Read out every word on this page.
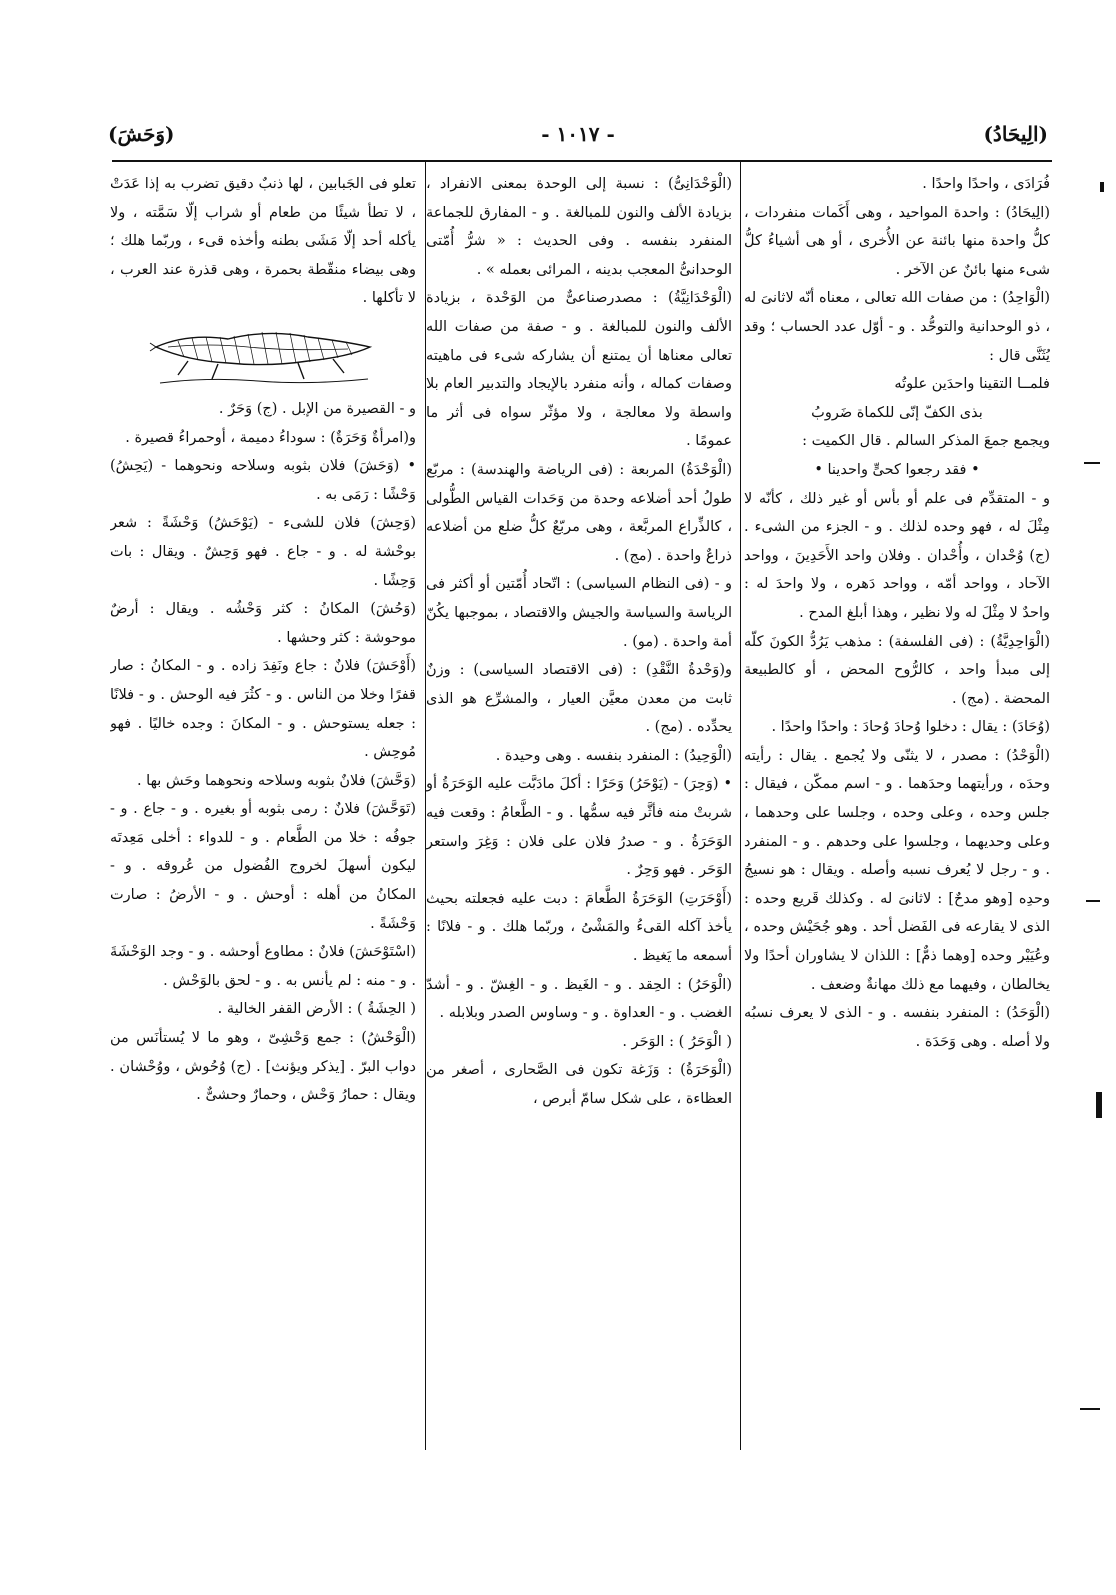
(الِيحَادُ)
- ١٠١٧ -
(وَحَشَ)

فُرَادَى ، واحدًا واحدًا .

(الِيحَادُ) : واحدة المواحيد ، وهى أَكَمات منفردات ، كلُّ واحدة منها بائنة عن الأُخرى ، أو هى أشياءُ كلُّ شىء منها بائنٌ عن الآخر .

(الْوَاحِدُ) : من صفات الله تعالى ، معناه أنّه لاثانىَ له ، ذو الوحدانية والتوحُّد . و - أوّل عدد الحساب ؛ وقد يُثَنَّى قال :

فلمــا التقينا واحدَين علوتُه

بذى الكفّ إنّى للكماة ضَروبُ

ويجمع جمعَ المذكر السالم . قال الكميت :

• فقد رجعوا كحىٍّ واحدينا •

و - المتقدِّم فى علم أو بأس أو غير ذلك ، كأنّه لا مِثْلَ له ، فهو وحده لذلك . و - الجزء من الشىء . (ج) وُحْدان ، وأُحْدان . وفلان واحد الأَحَدِينَ ، وواحد الآحاد ، وواحد أمّه ، وواحد دَهره ، ولا واحدَ له : واحدٌ لا مِثْلَ له ولا نظير ، وهذا أبلغ المدح .

(الْوَاحِدِيَّةُ) : (فى الفلسفة) : مذهب يَرُدُّ الكونَ كلّه إلى مبدأ واحد ، كالرُّوح المحض ، أو كالطبيعة المحضة . (مج) .

(وُحَادَ) : يقال : دخلوا وُحادَ وُحادَ : واحدًا واحدًا .

(الْوَحْدُ) : مصدر ، لا يثنّى ولا يُجمع . يقال : رأيته وحدَه ، ورأيتهما وحدَهما . و - اسم ممكّن ، فيقال : جلس وحده ، وعلى وحده ، وجلسا على وحدهما ، وعلى وحديهما ، وجلسوا على وحدهم . و - المنفرد . و - رجل لا يُعرف نسبه وأصله . ويقال : هو نسيجُ وحدِه [وهو مدحٌ] : لاثانىَ له . وكذلك قَريع وحده : الذى لا يقارعه فى الفَضل أحد . وهو جُحَيْش وحده ، وعُيَيْر وحده [وهما ذمٌّ] : اللذان لا يشاوران أحدًا ولا يخالطان ، وفيهما مع ذلك مهانةٌ وضعف .

(الْوَحَدُ) : المنفرد بنفسه . و - الذى لا يعرف نسبُه ولا أصله . وهى وَحَدَة .

(الْوَحْدَانِىُّ) : نسبة إلى الوحدة بمعنى الانفراد ، بزيادة الألف والنون للمبالغة . و - المفارق للجماعة المنفرد بنفسه . وفى الحديث : « شرُّ أُمّتى الوحدانىُّ المعجب بدينه ، المرائى بعمله » .

(الْوَحْدَانِيَّةُ) : مصدرصناعىٌّ من الوَحْدة ، بزيادة الألف والنون للمبالغة . و - صفة من صفات الله تعالى معناها أن يمتنع أن يشاركه شىء فى ماهيته وصفات كماله ، وأنه منفرد بالإيجاد والتدبير العام بلا واسطة ولا معالجة ، ولا مؤثّر سواه فى أثر ما عمومًا .

(الْوَحْدَةُ) المربعة : (فى الرياضة والهندسة) : مربّع طولُ أحد أضلاعه وحدة من وَحَدات القياس الطُّولى ، كالذِّراع المربَّعة ، وهى مربّعٌ كلُّ ضلع من أضلاعه ذراعٌ واحدة . (مج) .

و - (فى النظام السياسى) : اتّحاد أُمّتين أو أكثر فى الرياسة والسياسة والجيش والاقتصاد ، بموجبها يكُنّ أمة واحدة . (مو) .

و(وَحْدةُ النَّقْدِ) : (فى الاقتصاد السياسى) : وزنٌ ثابت من معدن معيَّن العيار ، والمشرِّع هو الذى يحدِّده . (مج) .

(الْوَحِيدُ) : المنفرد بنفسه . وهى وحيدة .

• (وَحِرَ) - (يَوْحَرُ) وَحَرًا : أكلَ مادَبَّت عليه الوَحَرَةُ أو شربتْ منه فأثَّر فيه سمُّها . و - الطَّعامُ : وقعت فيه الوَحَرَةُ . و - صدرُ فلان على فلان : وَغِرَ واستعر الوَحَر . فهو وَحِرٌ .

(أَوْحَرَتِ) الوَحَرَةُ الطَّعامَ : دبت عليه فجعلته بحيث يأخذ آكله القىءُ والمَشْىُ ، وربّما هلك . و - فلانًا : أسمعه ما يَغيظ .

(الْوَحَرُ) : الحِقد . و - الغَيظ . و - الغِشّ . و - أشدّ الغضب . و - العداوة . و - وساوس الصدر وبلابله .

( الْوَحَرُ ) : الوَحَر .

(الْوَحَرَةُ) : وَزَغة تكون فى الصَّحارى ، أصغر من العظاءة ، على شكل سامّ أبرص ،

تعلو فى الجَبابين ، لها ذنبٌ دقيق تضرب به إذا عَدَتْ ، لا تطأ شيئًا من طعام أو شراب إلّا سَمَّته ، ولا يأكله أحد إلّا مَشَى بطنه وأخذه قىء ، وربّما هلك ؛ وهى بيضاء منقّطة بحمرة ، وهى قذرة عند العرب ، لا تأكلها .

و - القصيرة من الإبل . (ج) وَحَرٌ .

و(امرأةٌ وَحَرَةٌ) : سوداءُ دميمة ، أوحمراءُ قصيرة .

• (وَحَشَ) فلان بثوبه وسلاحه ونحوهما - (يَحِشُ) وَحْشًا : رَمَى به .

(وَحِشَ) فلان للشىء - (يَوْحَشُ) وَحْشَةً : شعر بوحْشة له . و - جاع . فهو وَحِشٌ . ويقال : بات وَحِشًا .

(وَحُشَ) المكانُ : كثر وَحْشُه . ويقال : أرضٌ موحوشة : كثر وحشها .

(أَوْحَشَ) فلانٌ : جاع ونَفِدَ زاده . و - المكانُ : صار قفرًا وخلا من الناس . و - كثُرَ فيه الوحش . و - فلانًا : جعله يستوحش . و - المكانَ : وجده خاليًا . فهو مُوحِش .

(وَحَّشَ) فلانٌ بثوبه وسلاحه ونحوهما وحَش بها .

(تَوَحَّشَ) فلانٌ : رمى بثوبه أو بغيره . و - جاع . و - جوفُه : خلا من الطَّعام . و - للدواء : أخلى مَعِدتَه ليكون أسهلَ لخروج الفُضول من عُروقه . و - المكانُ من أهله : أوحش . و - الأرضُ : صارت وَحْشَةً .

(اسْتَوْحَشَ) فلانٌ : مطاوع أوحشه . و - وجد الوَحْشَةَ . و - منه : لم يأنس به . و - لحق بالوَحْش .

( الحِشَةُ ) : الأرض القفر الخالية .

(الْوَحْشُ) : جمع وَحْشِىّ ، وهو ما لا يُستأنَس من دواب البرّ . [يذكر ويؤنث] . (ج) وُحُوش ، ووُحْشان . ويقال : حمارُ وَحْش ، وحمارٌ وحشىٌّ .
